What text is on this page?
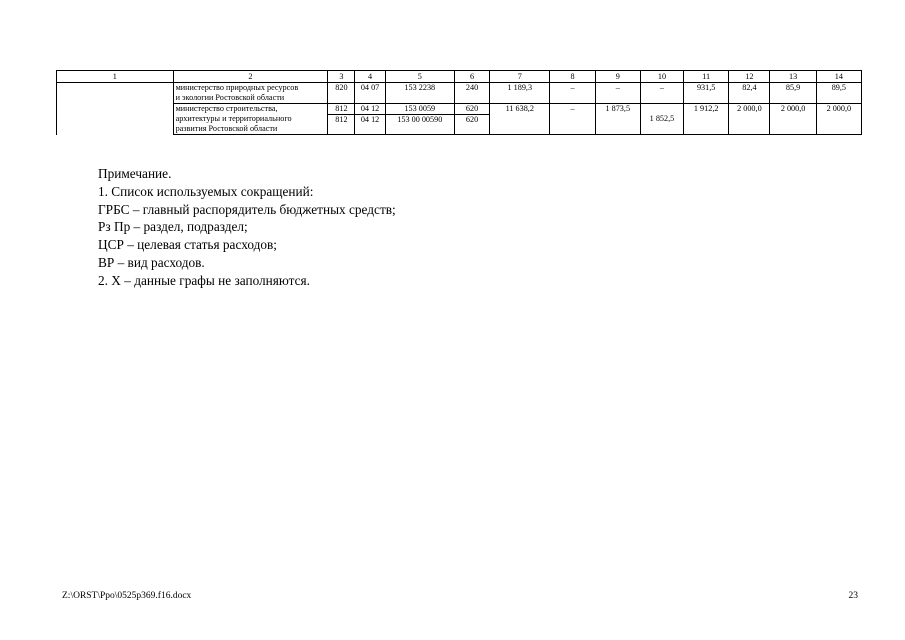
1	2	3	4	5	6	7	8	9	10	11	12	13	14

	министерство природных ресурсов
и экологии Ростовской области	820	04 07	153 2238	240	1 189,3	–	–	–	931,5	82,4	85,9	89,5

	министерство строительства,
архитектуры и территориального
развития Ростовской области	812	04 12	153 0059	620	11 638,2	–	1 873,5	1 852,5	1 912,2	2 000,0	2 000,0	2 000,0
		812	04 12	153 00 00590	620								
Примечание.
1. Список используемых сокращений:
ГРБС – главный распорядитель бюджетных средств;
Рз Пр – раздел, подраздел;
ЦСР – целевая статья расходов;
ВР – вид расходов.
2. Х – данные графы не заполняются.
Z:\ORST\Ppo\0525p369.f16.docx	23
